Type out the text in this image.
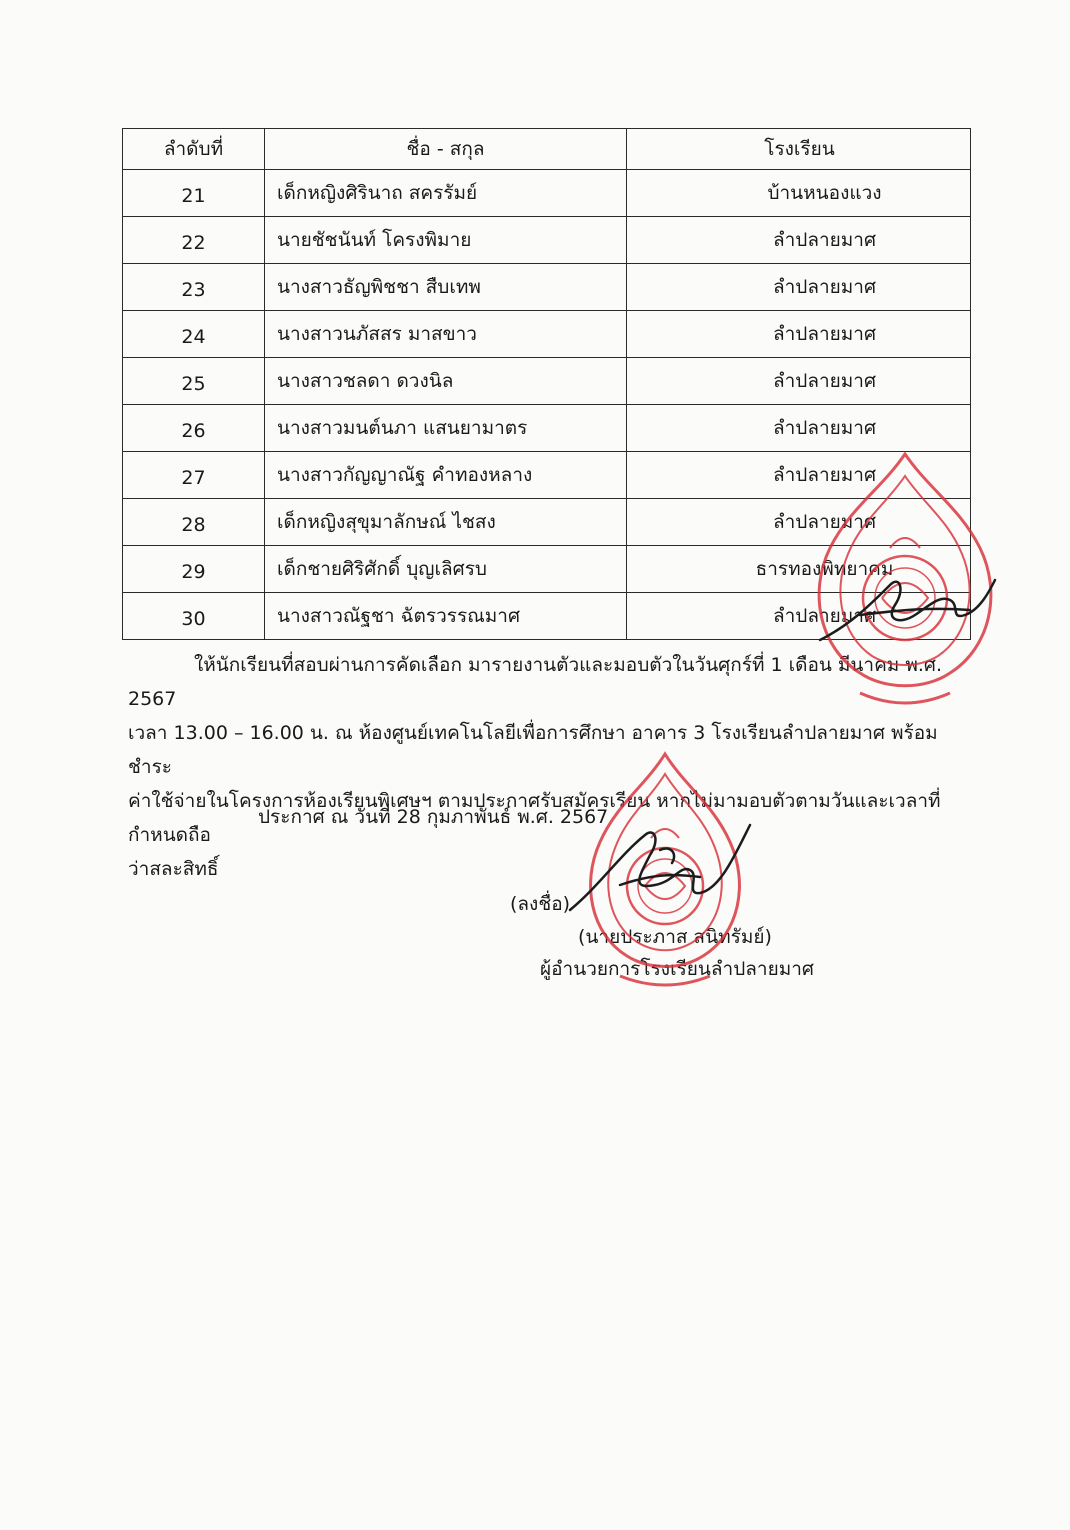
ลำดับที่	ชื่อ - สกุล	โรงเรียน
21	เด็กหญิงศิรินาถ สครรัมย์	บ้านหนองแวง
22	นายชัชนันท์ โครงพิมาย	ลำปลายมาศ
23	นางสาวธัญพิชชา สืบเทพ	ลำปลายมาศ
24	นางสาวนภัสสร มาสขาว	ลำปลายมาศ
25	นางสาวชลดา ดวงนิล	ลำปลายมาศ
26	นางสาวมนต์นภา แสนยามาตร	ลำปลายมาศ
27	นางสาวกัญญาณัฐ คำทองหลาง	ลำปลายมาศ
28	เด็กหญิงสุขุมาลักษณ์ ไชสง	ลำปลายมาศ
29	เด็กชายศิริศักดิ์ บุญเลิศรบ	ธารทองพิทยาคม
30	นางสาวณัฐชา ฉัตรวรรณมาศ	ลำปลายมาศ

ให้นักเรียนที่สอบผ่านการคัดเลือก มารายงานตัวและมอบตัวในวันศุกร์ที่ 1 เดือน มีนาคม พ.ศ. 2567

เวลา 13.00 – 16.00 น. ณ ห้องศูนย์เทคโนโลยีเพื่อการศึกษา อาคาร 3 โรงเรียนลำปลายมาศ พร้อมชำระ

ค่าใช้จ่ายในโครงการห้องเรียนพิเศษฯ ตามประกาศรับสมัครเรียน หากไม่มามอบตัวตามวันและเวลาที่กำหนดถือ

ว่าสละสิทธิ์

ประกาศ ณ วันที่ 28 กุมภาพันธ์ พ.ศ. 2567
(ลงชื่อ)
(นายประภาส สนิทรัมย์)
ผู้อำนวยการโรงเรียนลำปลายมาศ
